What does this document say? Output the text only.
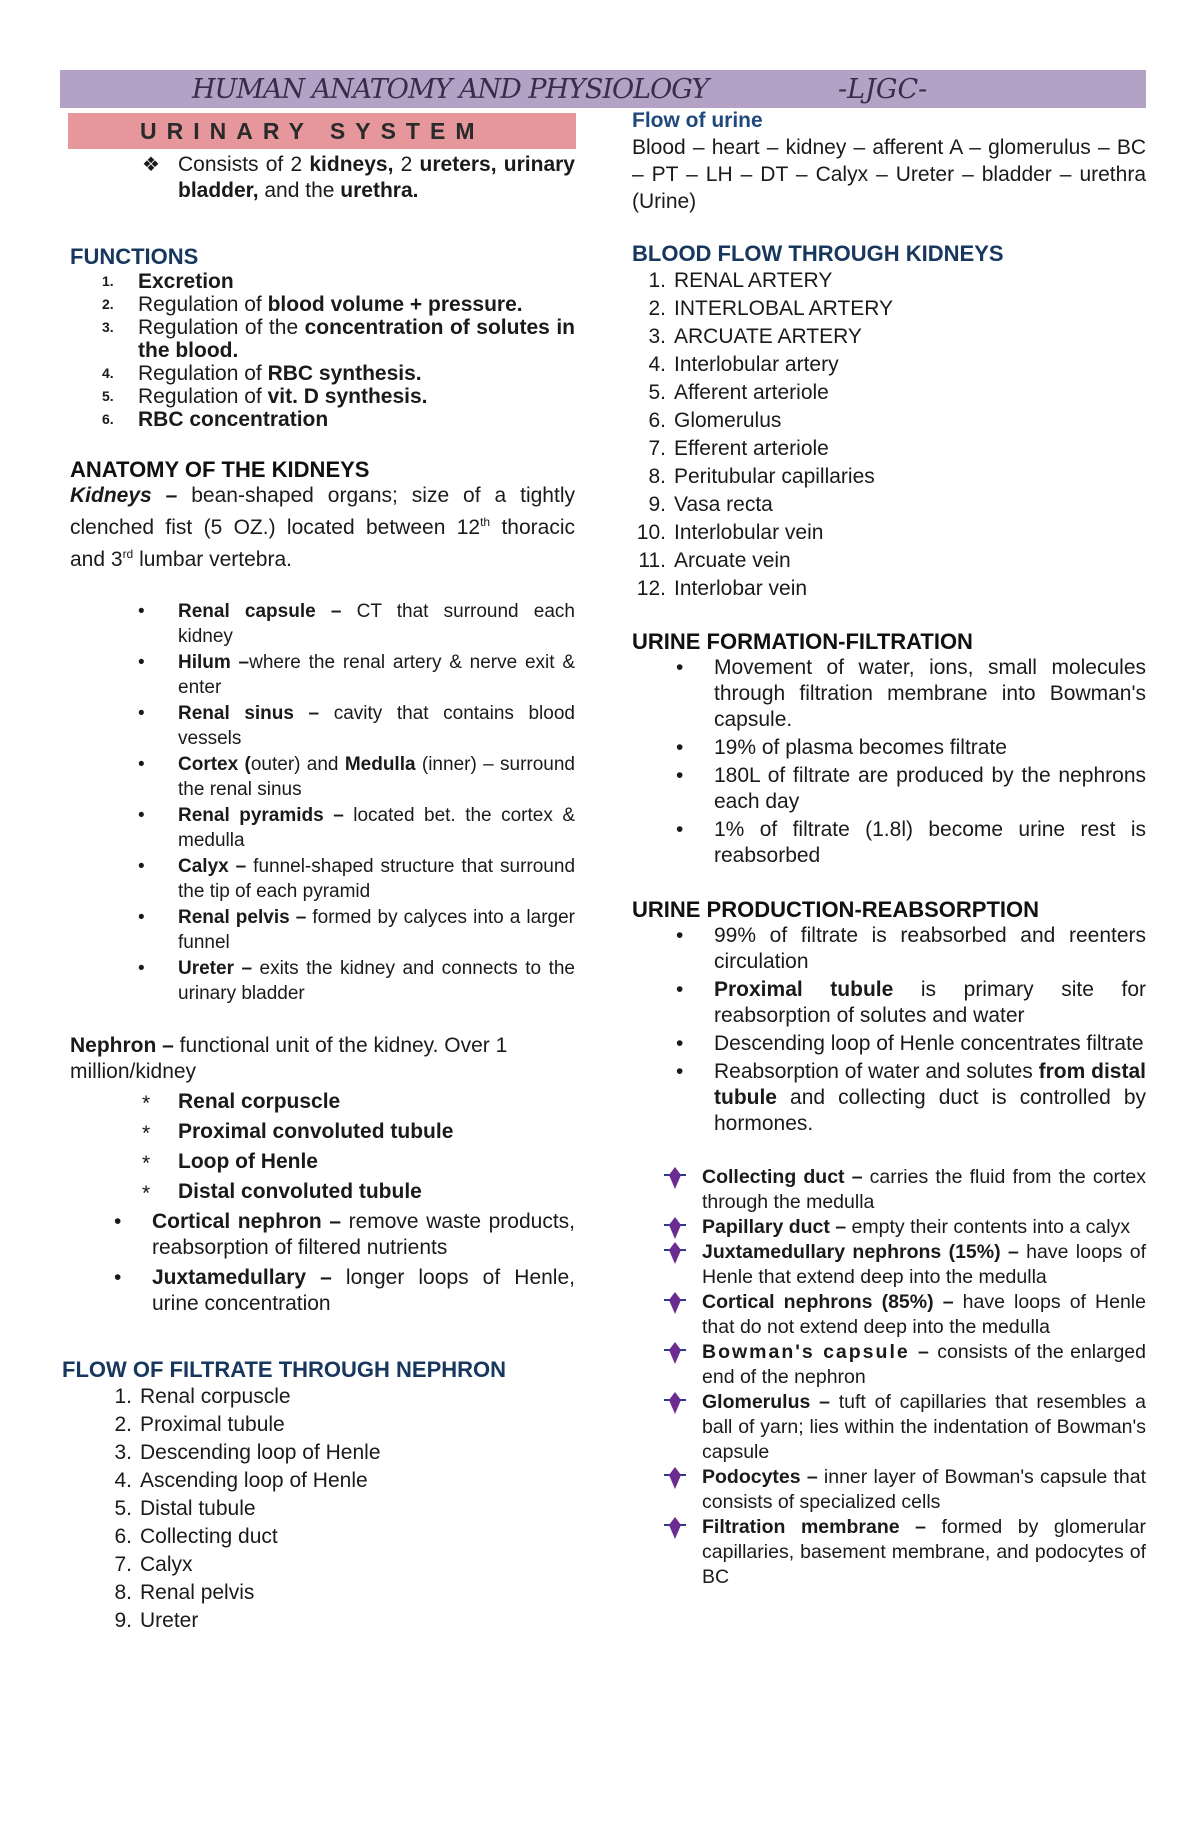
HUMAN ANATOMY AND PHYSIOLOGY	-LJGC-
URINARY SYSTEM
❖ Consists of 2 kidneys, 2 ureters, urinary bladder, and the urethra.

FUNCTIONS

1. Excretion
2. Regulation of blood volume + pressure.
3. Regulation of the concentration of solutes in the blood.
4. Regulation of RBC synthesis.
5. Regulation of vit. D synthesis.
6. RBC concentration

ANATOMY OF THE KIDNEYS

Kidneys – bean-shaped organs; size of a tightly clenched fist (5 OZ.) located between 12th thoracic and 3rd lumbar vertebra.

• Renal capsule – CT that surround each kidney
• Hilum –where the renal artery & nerve exit & enter
• Renal sinus – cavity that contains blood vessels
• Cortex (outer) and Medulla (inner) – surround the renal sinus
• Renal pyramids – located bet. the cortex & medulla
• Calyx – funnel-shaped structure that surround the tip of each pyramid
• Renal pelvis – formed by calyces into a larger funnel
• Ureter – exits the kidney and connects to the urinary bladder

Nephron – functional unit of the kidney. Over 1 million/kidney

* Renal corpuscle
* Proximal convoluted tubule
* Loop of Henle
* Distal convoluted tubule
• Cortical nephron – remove waste products, reabsorption of filtered nutrients
• Juxtamedullary – longer loops of Henle, urine concentration

FLOW OF FILTRATE THROUGH NEPHRON

1. Renal corpuscle
2. Proximal tubule
3. Descending loop of Henle
4. Ascending loop of Henle
5. Distal tubule
6. Collecting duct
7. Calyx
8. Renal pelvis
9. Ureter

Flow of urine

Blood – heart – kidney – afferent A – glomerulus – BC – PT – LH – DT – Calyx – Ureter – bladder – urethra (Urine)

BLOOD FLOW THROUGH KIDNEYS

1. RENAL ARTERY
2. INTERLOBAL ARTERY
3. ARCUATE ARTERY
4. Interlobular artery
5. Afferent arteriole
6. Glomerulus
7. Efferent arteriole
8. Peritubular capillaries
9. Vasa recta
10. Interlobular vein
11. Arcuate vein
12. Interlobar vein

URINE FORMATION-FILTRATION

• Movement of water, ions, small molecules through filtration membrane into Bowman's capsule.
• 19% of plasma becomes filtrate
• 180L of filtrate are produced by the nephrons each day
• 1% of filtrate (1.8l) become urine rest is reabsorbed

URINE PRODUCTION-REABSORPTION

• 99% of filtrate is reabsorbed and reenters circulation
• Proximal tubule is primary site for reabsorption of solutes and water
• Descending loop of Henle concentrates filtrate
• Reabsorption of water and solutes from distal tubule and collecting duct is controlled by hormones.
Collecting duct – carries the fluid from the cortex through the medulla
Papillary duct – empty their contents into a calyx
Juxtamedullary nephrons (15%) – have loops of Henle that extend deep into the medulla
Cortical nephrons (85%) – have loops of Henle that do not extend deep into the medulla
Bowman's capsule – consists of the enlarged end of the nephron
Glomerulus – tuft of capillaries that resembles a ball of yarn; lies within the indentation of Bowman's capsule
Podocytes – inner layer of Bowman's capsule that consists of specialized cells
Filtration membrane – formed by glomerular capillaries, basement membrane, and podocytes of BC
